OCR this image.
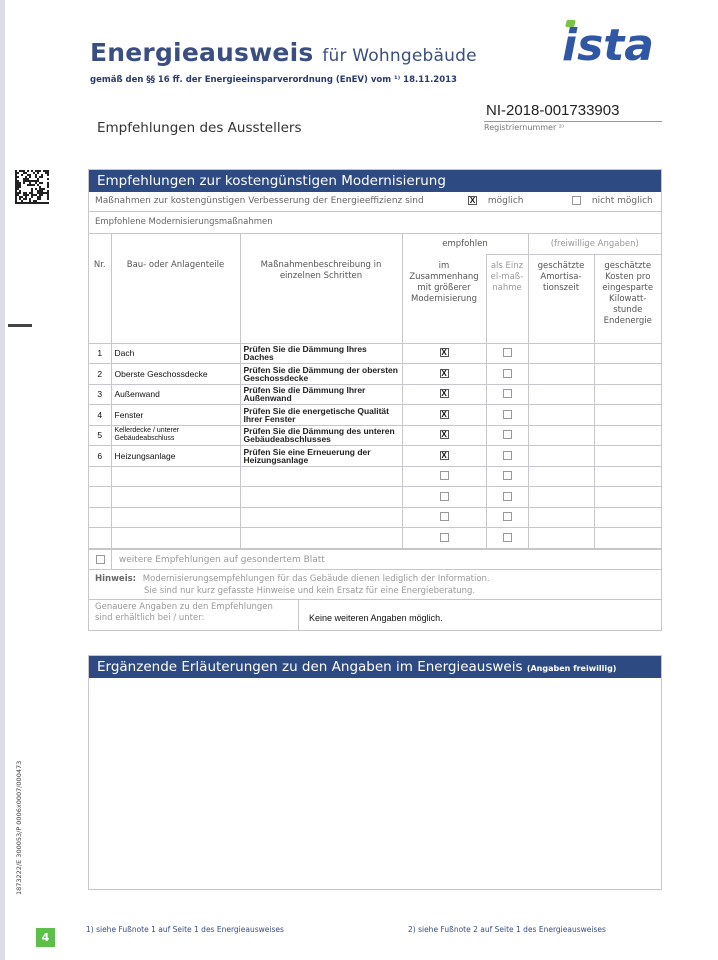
Energieausweis für Wohngebäude
gemäß den §§ 16 ff. der Energieeinsparverordnung (EnEV) vom ¹⁾ 18.11.2013
ista
NI-2018-001733903
Registriernummer ²⁾
Empfehlungen des Ausstellers
Empfehlungen zur kostengünstigen Modernisierung
Maßnahmen zur kostengünstigen Verbesserung der Energieeffizienz sind	X möglich	nicht möglich
Empfohlene Modernisierungsmaßnahmen
Nr.	Bau- oder Anlagenteile	Maßnahmenbeschreibung in einzelnen Schritten	empfohlen		(freiwillige Angaben)	
			im Zusammenhang mit größerer Modernisierung	als Einzel-maß-nahme	geschätzte Amortisa-tionszeit	geschätzte Kosten pro eingesparte Kilowatt-stunde Endenergie
1	Dach	Prüfen Sie die Dämmung Ihres Daches	X			
2	Oberste Geschossdecke	Prüfen Sie die Dämmung der obersten Geschossdecke	X			
3	Außenwand	Prüfen Sie die Dämmung Ihrer Außenwand	X			
4	Fenster	Prüfen Sie die energetische Qualität Ihrer Fenster	X			
5	Kellerdecke / unterer Gebäudeabschluss	Prüfen Sie die Dämmung des unteren Gebäudeabschlusses	X			
6	Heizungsanlage	Prüfen Sie eine Erneuerung der Heizungsanlage	X			

weitere Empfehlungen auf gesondertem Blatt
Hinweis: Modernisierungsempfehlungen für das Gebäude dienen lediglich der Information.
Sie sind nur kurz gefasste Hinweise und kein Ersatz für eine Energieberatung.
Genauere Angaben zu den Empfehlungen sind erhältlich bei / unter:	Keine weiteren Angaben möglich.
Ergänzende Erläuterungen zu den Angaben im Energieausweis (Angaben freiwillig)
1873222/E 300053/P 0006x0007/000473
4
1) siehe Fußnote 1 auf Seite 1 des Energieausweises	2) siehe Fußnote 2 auf Seite 1 des Energieausweises
